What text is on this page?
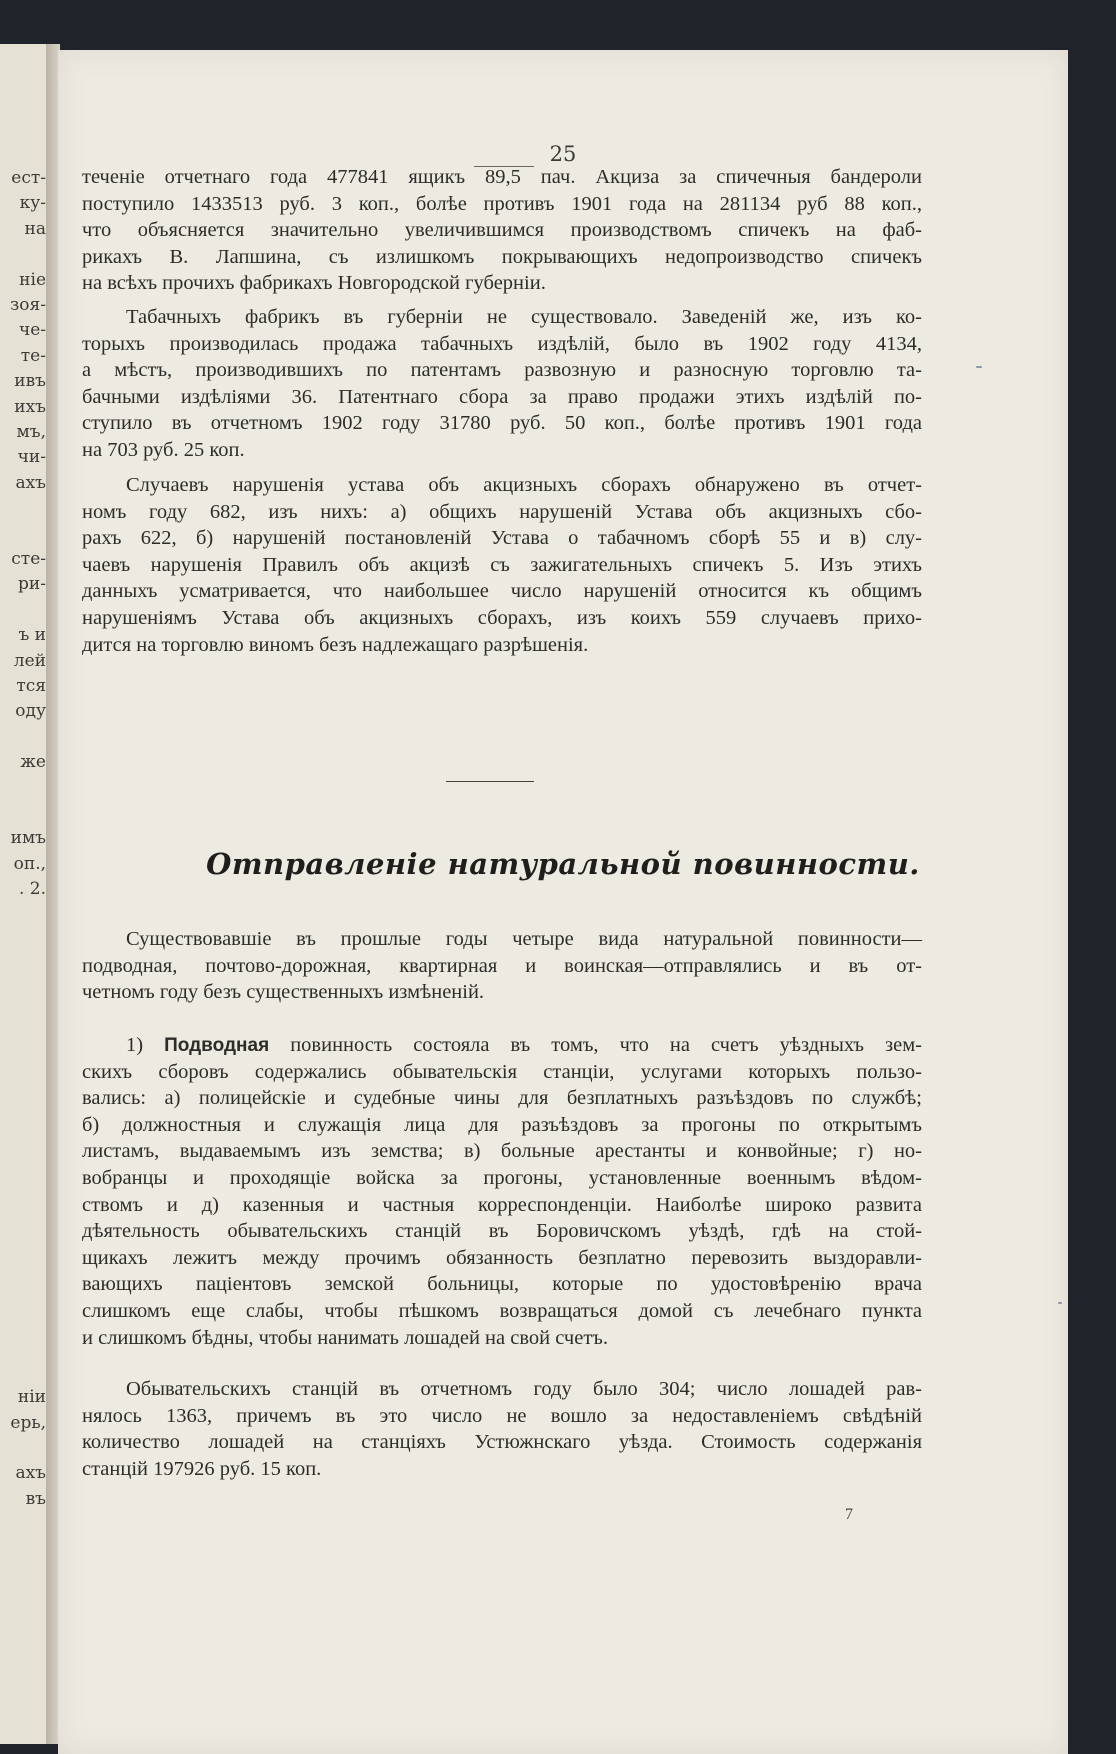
ест-
ку-
на
ніе
зоя-
че-
те-
ивъ
ихъ
мъ,
чи-
ахъ
сте-
ри-
ъ и
лей
тся
оду
же
имъ
оп.,
. 2.
ніи
ерь,
ахъ
въ
25
теченіе отчетнаго года 477841 ящикъ 89,5 пач. Акциза за спичечныя бандероли
поступило 1433513 руб. 3 коп., болѣе противъ 1901 года на 281134 руб 88 коп.,
что объясняется значительно увеличившимся производствомъ спичекъ на фаб-
рикахъ В. Лапшина, съ излишкомъ покрывающихъ недопроизводство спичекъ
на всѣхъ прочихъ фабрикахъ Новгородской губерніи.
Табачныхъ фабрикъ въ губерніи не существовало. Заведеній же, изъ ко-
торыхъ производилась продажа табачныхъ издѣлій, было въ 1902 году 4134,
а мѣстъ, производившихъ по патентамъ развозную и разносную торговлю та-
бачными издѣліями 36. Патентнаго сбора за право продажи этихъ издѣлій по-
ступило въ отчетномъ 1902 году 31780 руб. 50 коп., болѣе противъ 1901 года
на 703 руб. 25 коп.
Случаевъ нарушенія устава объ акцизныхъ сборахъ обнаружено въ отчет-
номъ году 682, изъ нихъ: а) общихъ нарушеній Устава объ акцизныхъ сбо-
рахъ 622, б) нарушеній постановленій Устава о табачномъ сборѣ 55 и в) слу-
чаевъ нарушенія Правилъ объ акцизѣ съ зажигательныхъ спичекъ 5. Изъ этихъ
данныхъ усматривается, что наибольшее число нарушеній относится къ общимъ
нарушеніямъ Устава объ акцизныхъ сборахъ, изъ коихъ 559 случаевъ прихо-
дится на торговлю виномъ безъ надлежащаго разрѣшенія.
Отправленіе натуральной повинности.
Существовавшіе въ прошлые годы четыре вида натуральной повинности—
подводная, почтово-дорожная, квартирная и воинская—отправлялись и въ от-
четномъ году безъ существенныхъ измѣненій.
1) Подводная повинность состояла въ томъ, что на счетъ уѣздныхъ зем-
скихъ сборовъ содержались обывательскія станціи, услугами которыхъ пользо-
вались: а) полицейскіе и судебные чины для безплатныхъ разъѣздовъ по службѣ;
б) должностныя и служащія лица для разъѣздовъ за прогоны по открытымъ
листамъ, выдаваемымъ изъ земства; в) больные арестанты и конвойные; г) но-
вобранцы и проходящіе войска за прогоны, установленные военнымъ вѣдом-
ствомъ и д) казенныя и частныя корреспонденціи. Наиболѣе широко развита
дѣятельность обывательскихъ станцій въ Боровичскомъ уѣздѣ, гдѣ на стой-
щикахъ лежитъ между прочимъ обязанность безплатно перевозить выздоравли-
вающихъ паціентовъ земской больницы, которые по удостовѣренію врача
слишкомъ еще слабы, чтобы пѣшкомъ возвращаться домой съ лечебнаго пункта
и слишкомъ бѣдны, чтобы нанимать лошадей на свой счетъ.
Обывательскихъ станцій въ отчетномъ году было 304; число лошадей рав-
нялось 1363, причемъ въ это число не вошло за недоставленіемъ свѣдѣній
количество лошадей на станціяхъ Устюжнскаго уѣзда. Стоимость содержанія
станцій 197926 руб. 15 коп.
7
